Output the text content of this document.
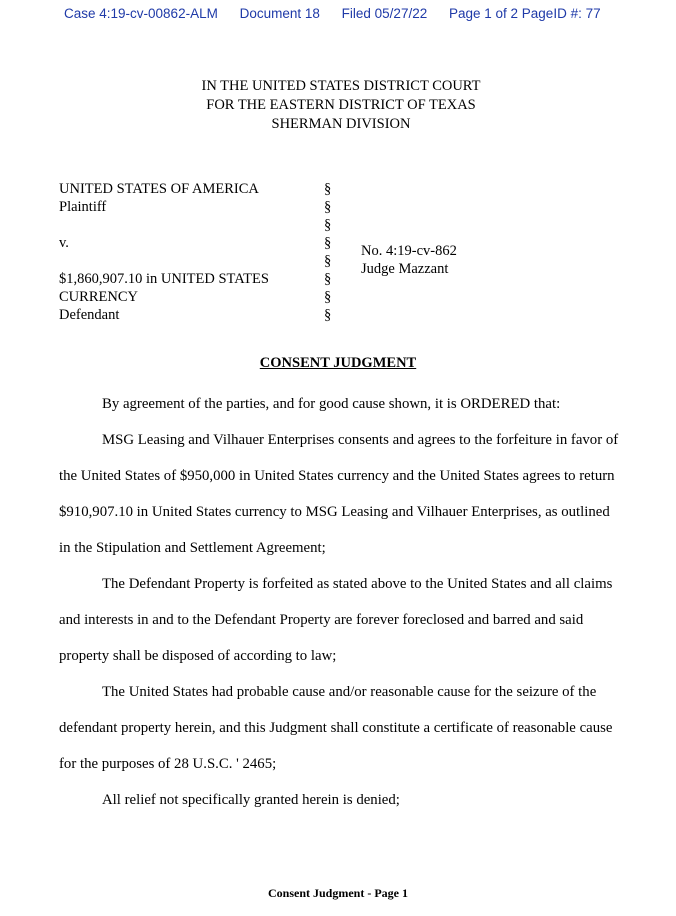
Case 4:19-cv-00862-ALM Document 18 Filed 05/27/22 Page 1 of 2 PageID #: 77
IN THE UNITED STATES DISTRICT COURT
FOR THE EASTERN DISTRICT OF TEXAS
SHERMAN DIVISION
UNITED STATES OF AMERICA
Plaintiff
v.
$1,860,907.10 in UNITED STATES
CURRENCY
Defendant
§
§
§
§
§
§
§
§
No. 4:19-cv-862
Judge Mazzant
CONSENT JUDGMENT

By agreement of the parties, and for good cause shown, it is ORDERED that:

MSG Leasing and Vilhauer Enterprises consents and agrees to the forfeiture in favor of the United States of $950,000 in United States currency and the United States agrees to return $910,907.10 in United States currency to MSG Leasing and Vilhauer Enterprises, as outlined in the Stipulation and Settlement Agreement;

The Defendant Property is forfeited as stated above to the United States and all claims and interests in and to the Defendant Property are forever foreclosed and barred and said property shall be disposed of according to law;

The United States had probable cause and/or reasonable cause for the seizure of the defendant property herein, and this Judgment shall constitute a certificate of reasonable cause for the purposes of 28 U.S.C. ' 2465;

All relief not specifically granted herein is denied;

Consent Judgment - Page 1
